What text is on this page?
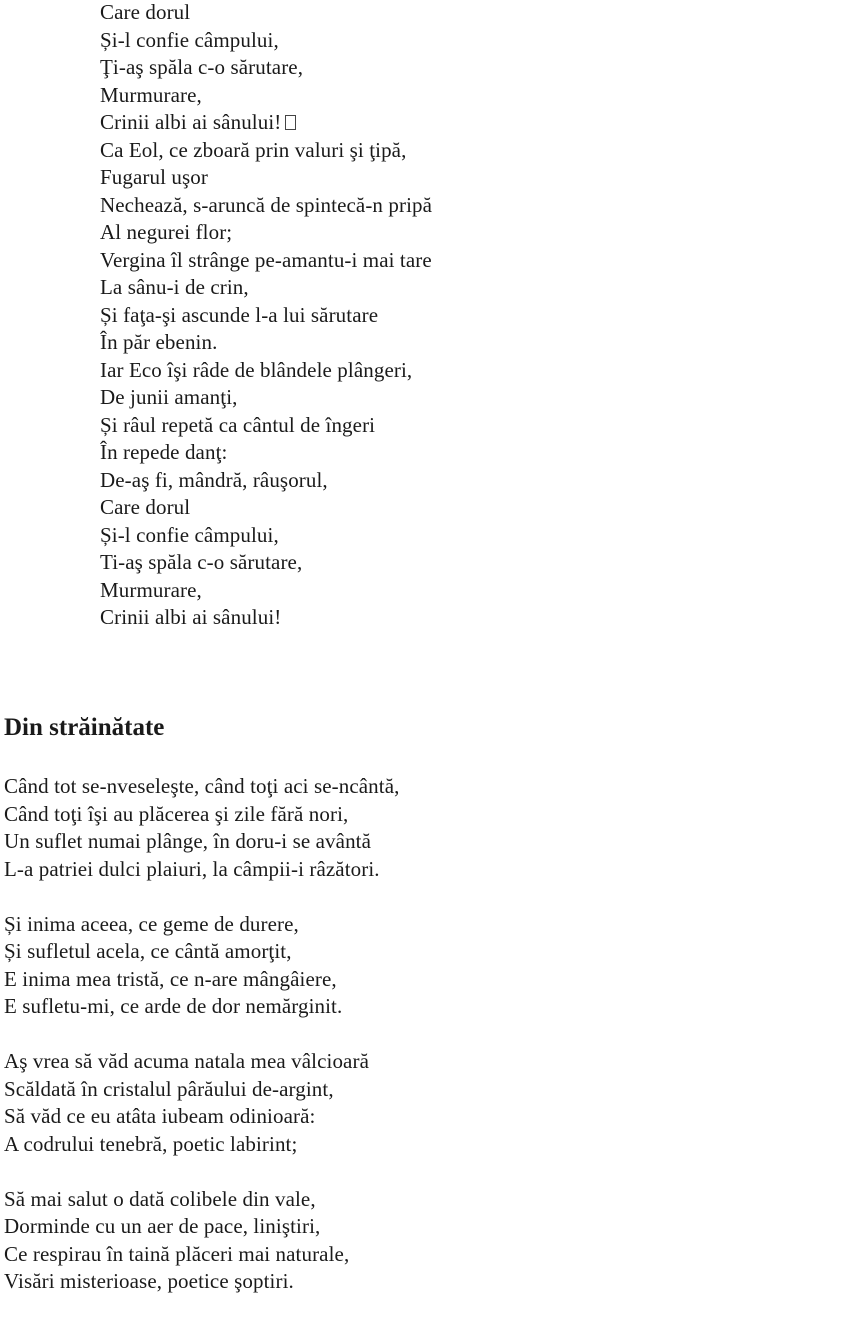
Care dorul
Și-l confie câmpului,
Ţi-aş spăla c-o sărutare,
Murmurare,
Crinii albi ai sânului!
Ca Eol, ce zboară prin valuri şi ţipă,
Fugarul uşor
Nechează, s-aruncă de spintecă-n pripă
Al negurei flor;
Vergina îl strânge pe-amantu-i mai tare
La sânu-i de crin,
Și faţa-şi ascunde l-a lui sărutare
În păr ebenin.
Iar Eco îşi râde de blândele plângeri,
De junii amanţi,
Și râul repetă ca cântul de îngeri
În repede danţ:
De-aş fi, mândră, râuşorul,
Care dorul
Și-l confie câmpului,
Ti-aş spăla c-o sărutare,
Murmurare,
Crinii albi ai sânului!
Din străinătate
Când tot se-nveseleşte, când toţi aci se-ncântă,
Când toţi îşi au plăcerea şi zile fără nori,
Un suflet numai plânge, în doru-i se avântă
L-a patriei dulci plaiuri, la câmpii-i râzători.
Și inima aceea, ce geme de durere,
Și sufletul acela, ce cântă amorţit,
E inima mea tristă, ce n-are mângâiere,
E sufletu-mi, ce arde de dor nemărginit.
Aş vrea să văd acuma natala mea vâlcioară
Scăldată în cristalul pârăului de-argint,
Să văd ce eu atâta iubeam odinioară:
A codrului tenebră, poetic labirint;
Să mai salut o dată colibele din vale,
Dorminde cu un aer de pace, liniştiri,
Ce respirau în taină plăceri mai naturale,
Visări misterioase, poetice şoptiri.
